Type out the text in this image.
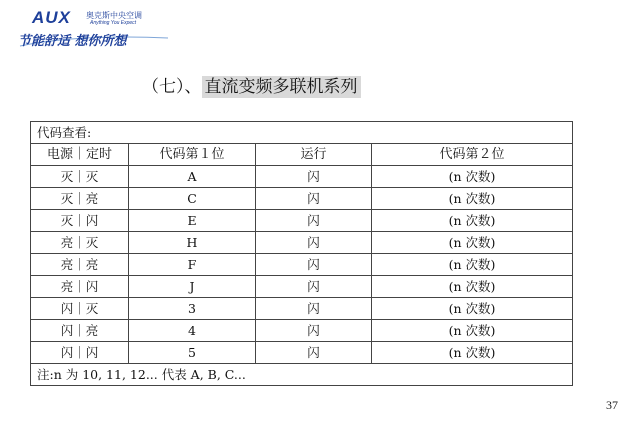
AUX 奥克斯中央空调
Anything You Expect
节能舒适 想你所想
（七）、 直流变频多联机系列
代码查看:			
电源｜定时	代码第１位	运行	代码第２位
灭｜灭	A	闪	(n 次数)
灭｜亮	C	闪	(n 次数)
灭｜闪	E	闪	(n 次数)
亮｜灭	H	闪	(n 次数)
亮｜亮	F	闪	(n 次数)
亮｜闪	J	闪	(n 次数)
闪｜灭	3	闪	(n 次数)
闪｜亮	4	闪	(n 次数)
闪｜闪	5	闪	(n 次数)
注:n 为 10, 11, 12... 代表 A, B, C...			
37
